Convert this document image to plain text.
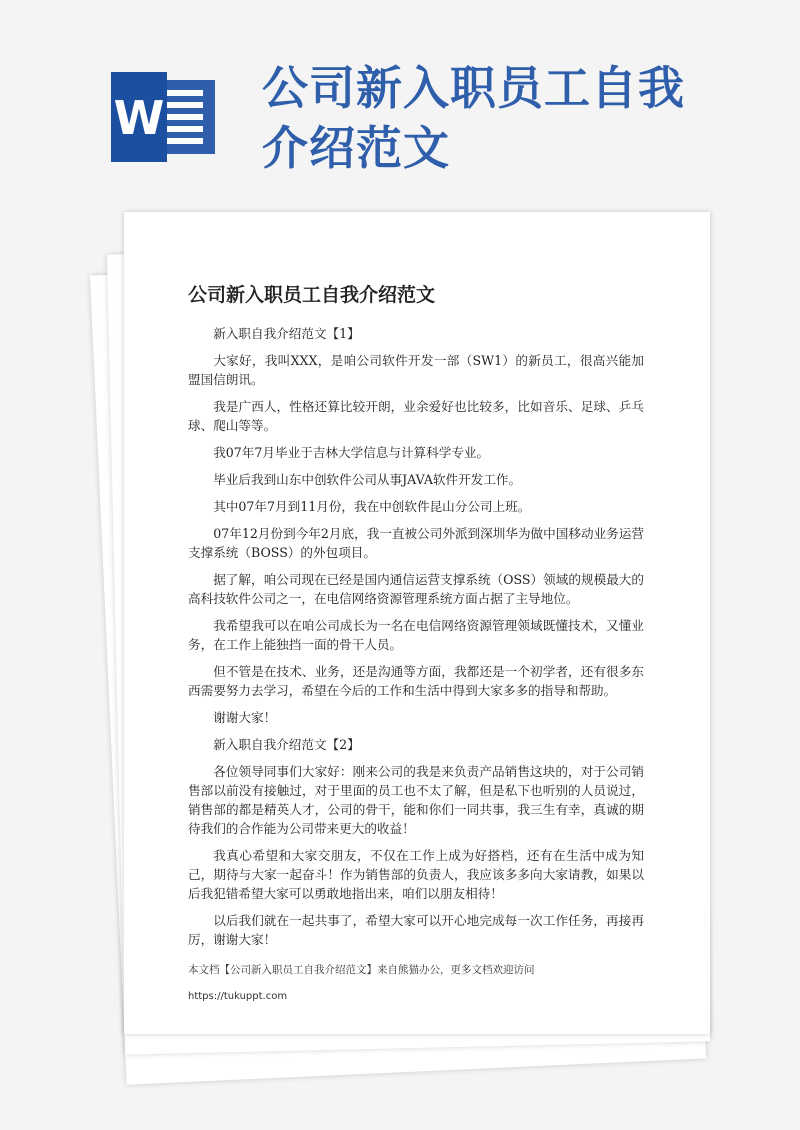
W
公司新入职员工自我介绍范文
公司新入职员工自我介绍范文

新入职自我介绍范文【1】

大家好，我叫XXX，是咱公司软件开发一部（SW1）的新员工，很高兴能加盟国信朗讯。

我是广西人，性格还算比较开朗，业余爱好也比较多，比如音乐、足球、乒乓球、爬山等等。

我07年7月毕业于吉林大学信息与计算科学专业。

毕业后我到山东中创软件公司从事JAVA软件开发工作。

其中07年7月到11月份，我在中创软件昆山分公司上班。

07年12月份到今年2月底，我一直被公司外派到深圳华为做中国移动业务运营支撑系统（BOSS）的外包项目。

据了解，咱公司现在已经是国内通信运营支撑系统（OSS）领域的规模最大的高科技软件公司之一，在电信网络资源管理系统方面占据了主导地位。

我希望我可以在咱公司成长为一名在电信网络资源管理领域既懂技术，又懂业务，在工作上能独挡一面的骨干人员。

但不管是在技术、业务，还是沟通等方面，我都还是一个初学者，还有很多东西需要努力去学习，希望在今后的工作和生活中得到大家多多的指导和帮助。

谢谢大家！

新入职自我介绍范文【2】

各位领导同事们大家好：刚来公司的我是来负责产品销售这块的，对于公司销售部以前没有接触过，对于里面的员工也不太了解，但是私下也听别的人员说过，销售部的都是精英人才，公司的骨干，能和你们一同共事，我三生有幸，真诚的期待我们的合作能为公司带来更大的收益！

我真心希望和大家交朋友，不仅在工作上成为好搭档，还有在生活中成为知己，期待与大家一起奋斗！作为销售部的负责人，我应该多多向大家请教，如果以后我犯错希望大家可以勇敢地指出来，咱们以朋友相待！

以后我们就在一起共事了，希望大家可以开心地完成每一次工作任务，再接再厉，谢谢大家！

本文档【公司新入职员工自我介绍范文】来自熊猫办公，更多文档欢迎访问
https://tukuppt.com
